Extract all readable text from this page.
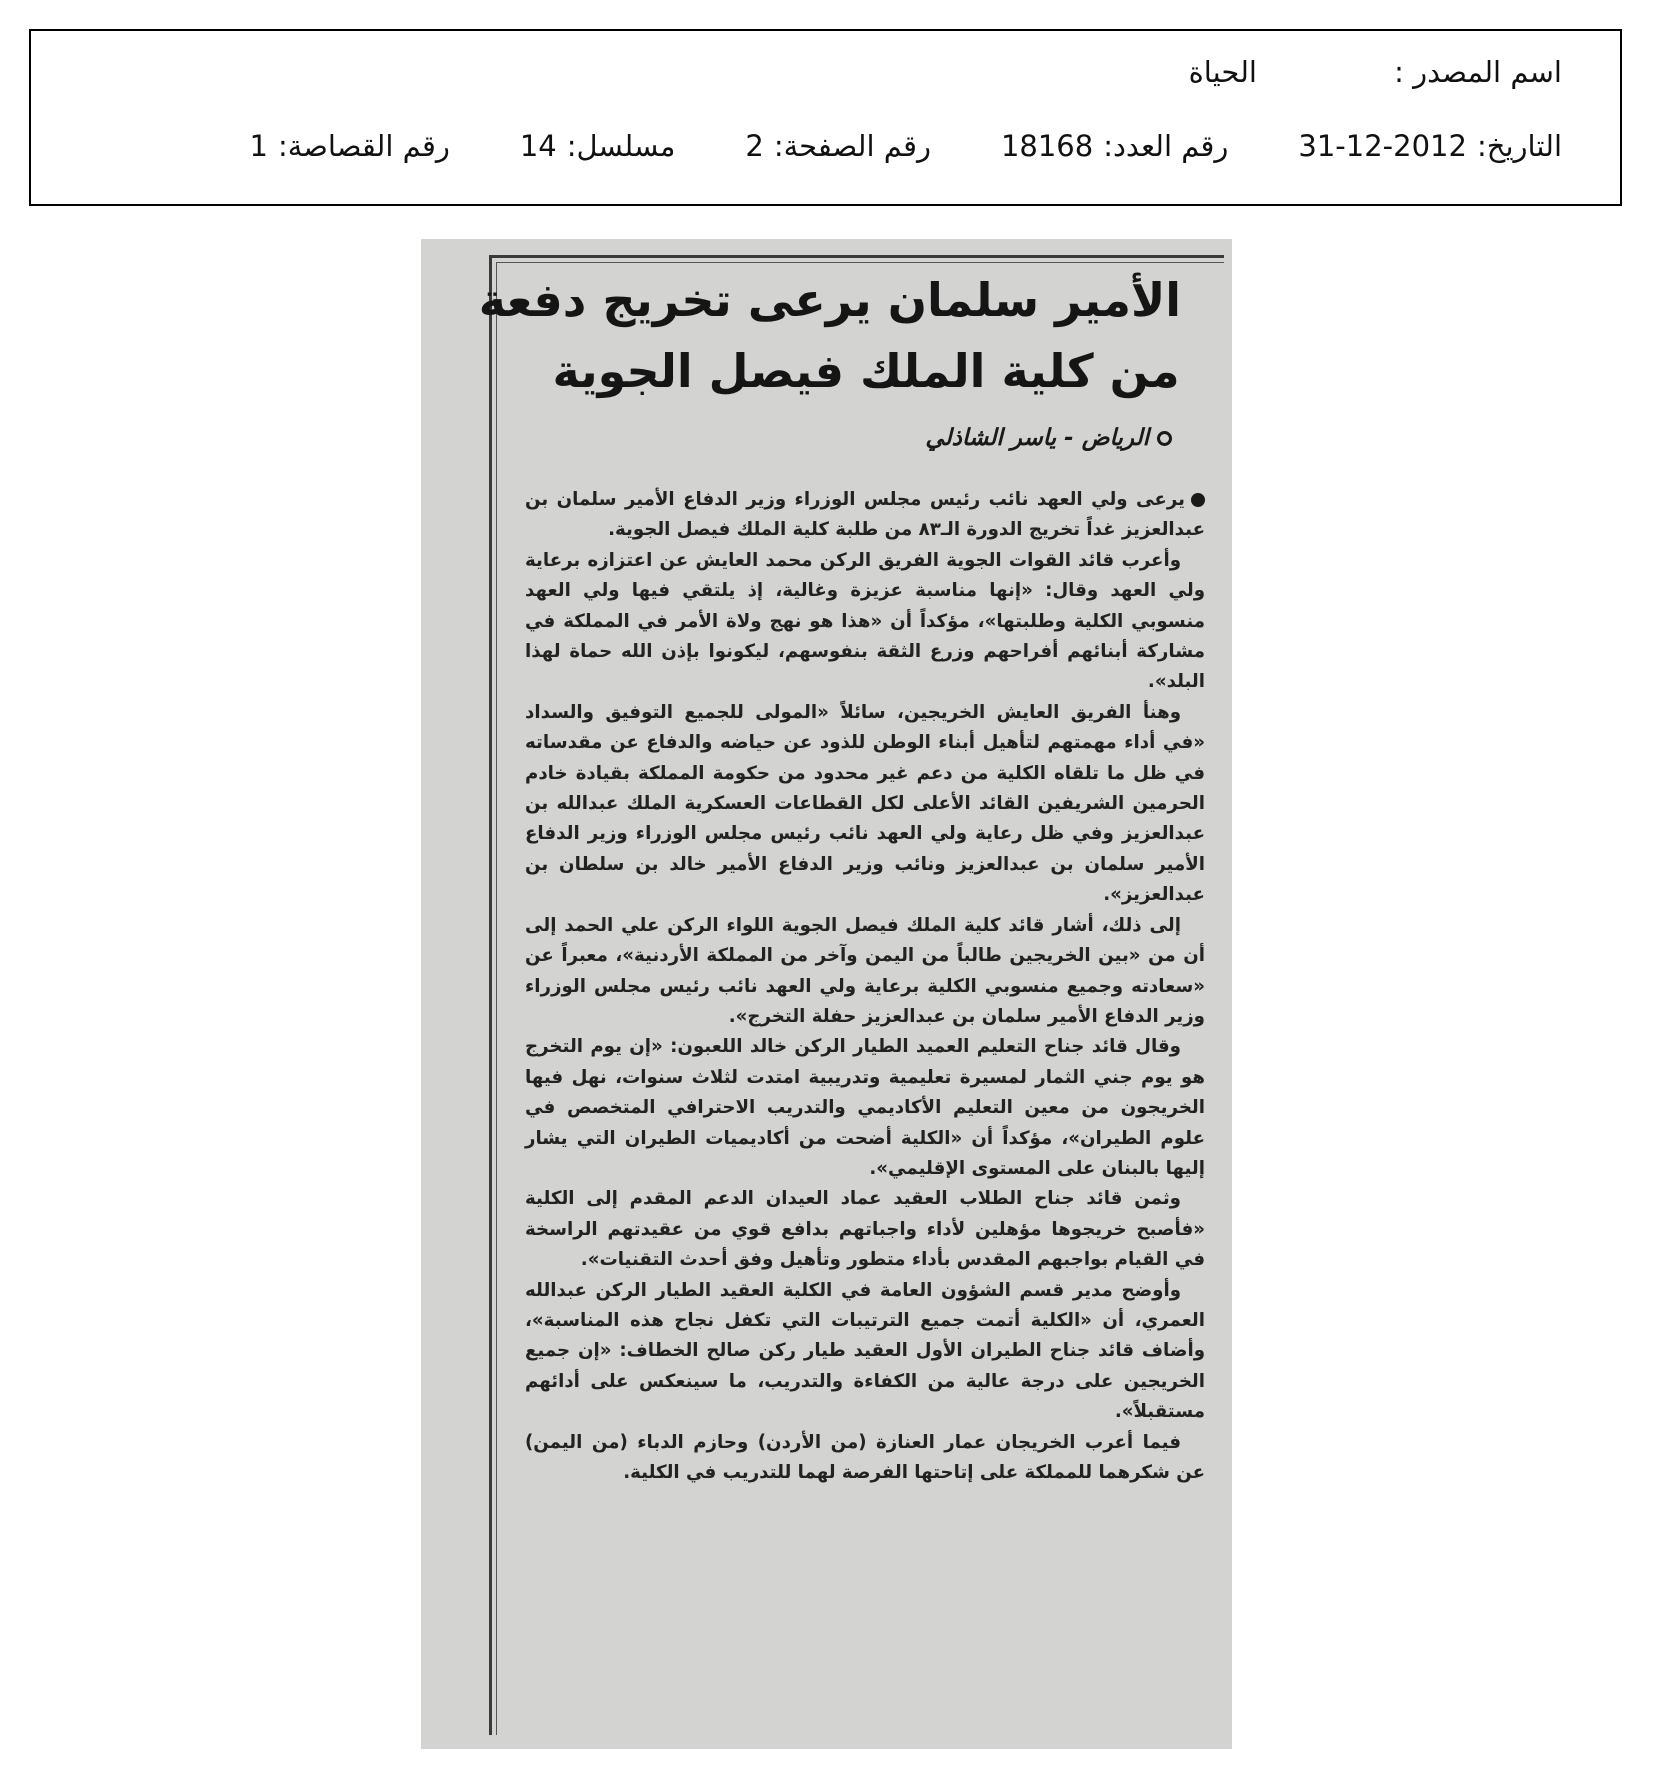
اسم المصدر :
الحياة
التاريخ:
31-12-2012
رقم العدد:
18168
رقم الصفحة:
2
مسلسل:
14
رقم القصاصة:
1
الأمير سلمان يرعى تخريج دفعة
من كلية الملك فيصل الجوية
الرياض - ياسر الشاذلي

يرعى ولي العهد نائب رئيس مجلس الوزراء وزير الدفاع الأمير سلمان بن عبدالعزيز غداً تخريج الدورة الـ٨٣ من طلبة كلية الملك فيصل الجوية.

وأعرب قائد القوات الجوية الفريق الركن محمد العايش عن اعتزازه برعاية ولي العهد وقال: «إنها مناسبة عزيزة وغالية، إذ يلتقي فيها ولي العهد منسوبي الكلية وطلبتها»، مؤكداً أن «هذا هو نهج ولاة الأمر في المملكة في مشاركة أبنائهم أفراحهم وزرع الثقة بنفوسهم، ليكونوا بإذن الله حماة لهذا البلد».

وهنأ الفريق العايش الخريجين، سائلاً «المولى للجميع التوفيق والسداد «في أداء مهمتهم لتأهيل أبناء الوطن للذود عن حياضه والدفاع عن مقدساته في ظل ما تلقاه الكلية من دعم غير محدود من حكومة المملكة بقيادة خادم الحرمين الشريفين القائد الأعلى لكل القطاعات العسكرية الملك عبدالله بن عبدالعزيز وفي ظل رعاية ولي العهد نائب رئيس مجلس الوزراء وزير الدفاع الأمير سلمان بن عبدالعزيز ونائب وزير الدفاع الأمير خالد بن سلطان بن عبدالعزيز».

إلى ذلك، أشار قائد كلية الملك فيصل الجوية اللواء الركن علي الحمد إلى أن من «بين الخريجين طالباً من اليمن وآخر من المملكة الأردنية»، معبراً عن «سعادته وجميع منسوبي الكلية برعاية ولي العهد نائب رئيس مجلس الوزراء وزير الدفاع الأمير سلمان بن عبدالعزيز حفلة التخرج».

وقال قائد جناح التعليم العميد الطيار الركن خالد اللعبون: «إن يوم التخرج هو يوم جني الثمار لمسيرة تعليمية وتدريبية امتدت لثلاث سنوات، نهل فيها الخريجون من معين التعليم الأكاديمي والتدريب الاحترافي المتخصص في علوم الطيران»، مؤكداً أن «الكلية أضحت من أكاديميات الطيران التي يشار إليها بالبنان على المستوى الإقليمي».

وثمن قائد جناح الطلاب العقيد عماد العيدان الدعم المقدم إلى الكلية «فأصبح خريجوها مؤهلين لأداء واجباتهم بدافع قوي من عقيدتهم الراسخة في القيام بواجبهم المقدس بأداء متطور وتأهيل وفق أحدث التقنيات».

وأوضح مدير قسم الشؤون العامة في الكلية العقيد الطيار الركن عبدالله العمري، أن «الكلية أتمت جميع الترتيبات التي تكفل نجاح هذه المناسبة»، وأضاف قائد جناح الطيران الأول العقيد طيار ركن صالح الخطاف: «إن جميع الخريجين على درجة عالية من الكفاءة والتدريب، ما سينعكس على أدائهم مستقبلاً».

فيما أعرب الخريجان عمار العنازة (من الأردن) وحازم الدباء (من اليمن) عن شكرهما للمملكة على إتاحتها الفرصة لهما للتدريب في الكلية.
